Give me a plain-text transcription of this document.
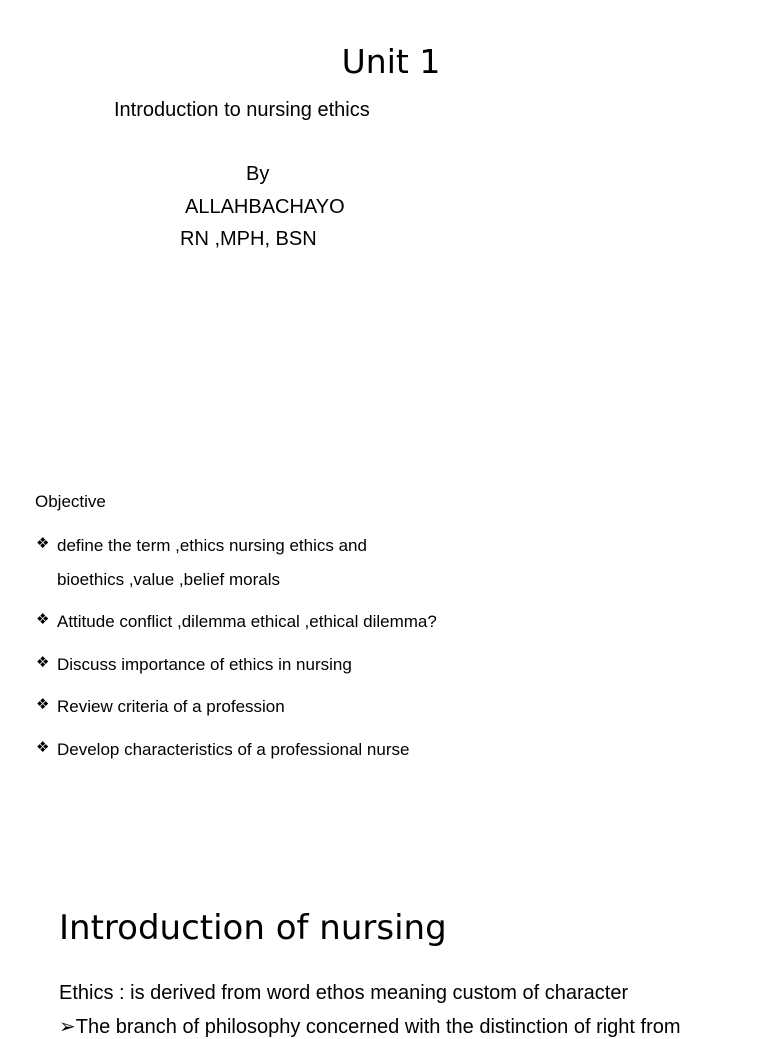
Unit 1
Introduction to nursing ethics
By
ALLAHBACHAYO
RN ,MPH, BSN
Objective
❖ define the term ,ethics nursing ethics and
bioethics ,value ,belief morals
❖ Attitude conflict ,dilemma ethical ,ethical dilemma?
❖ Discuss importance of ethics in nursing
❖ Review criteria of a profession
❖ Develop characteristics of a professional nurse
Introduction of nursing
Ethics : is derived from word ethos meaning custom of character
➢The branch of philosophy concerned with the distinction of right from
